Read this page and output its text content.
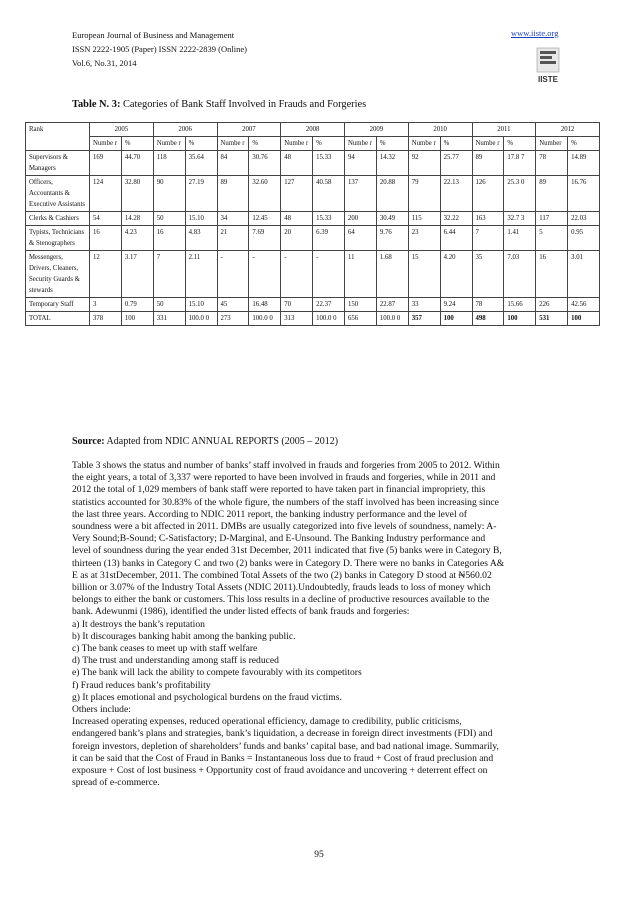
European Journal of Business and Management
ISSN 2222-1905 (Paper) ISSN 2222-2839 (Online)
Vol.6, No.31, 2014
www.iiste.org
IISTE
Table N. 3: Categories of Bank Staff Involved in Frauds and Forgeries
Rank	2005		2006		2007		2008		2009		2010		2011		2012	
	Numbe r	%	Numbe r	%	Numbe r	%	Numbe r	%	Numbe r	%	Numbe r	%	Numbe r	%	Number	%
Supervisors & Managers	169	44.70	118	35.64	84	30.76	48	15.33	94	14.32	92	25.77	89	17.8 7	78	14.89
Officers, Accountants & Executive Assistants	124	32.80	90	27.19	89	32.60	127	40.58	137	20.88	79	22.13	126	25.3 0	89	16.76
Clerks & Cashiers	54	14.28	50	15.10	34	12.45	48	15.33	200	30.49	115	32.22	163	32.7 3	117	22.03
Typists, Technicians & Stenographers	16	4.23	16	4.83	21	7.69	20	6.39	64	9.76	23	6.44	7	1.41	5	0.95
Messengers, Drivers, Cleaners, Security Guards & stewards	12	3.17	7	2.11	-	-	-	-	11	1.68	15	4.20	35	7.03	16	3.01
Temporary Staff	3	0.79	50	15.10	45	16.48	70	22.37	150	22.87	33	9.24	78	15.66	226	42.56
TOTAL	378	100	331	100.0 0	273	100.0 0	313	100.0 0	656	100.0 0	357	100	498	100	531	100
Source: Adapted from NDIC ANNUAL REPORTS (2005 – 2012)

Table 3 shows the status and number of banks’ staff involved in frauds and forgeries from 2005 to 2012. Within

the eight years, a total of 3,337 were reported to have been involved in frauds and forgeries, while in 2011 and

2012 the total of 1,029 members of bank staff were reported to have taken part in financial impropriety, this

statistics accounted for 30.83% of the whole figure, the numbers of the staff involved has been increasing since

the last three years. According to NDIC 2011 report, the banking industry performance and the level of

soundness were a bit affected in 2011. DMBs are usually categorized into five levels of soundness, namely: A-

Very Sound;B-Sound; C-Satisfactory; D-Marginal, and E-Unsound. The Banking Industry performance and

level of soundness during the year ended 31st December, 2011 indicated that five (5) banks were in Category B,

thirteen (13) banks in Category C and two (2) banks were in Category D. There were no banks in Categories A&

E as at 31stDecember, 2011. The combined Total Assets of the two (2) banks in Category D stood at ₦560.02

billion or 3.07% of the Industry Total Assets (NDIC 2011).Undoubtedly, frauds leads to loss of money which

belongs to either the bank or customers. This loss results in a decline of productive resources available to the

bank. Adewunmi (1986), identified the under listed effects of bank frauds and forgeries:

a) It destroys the bank’s reputation

b) It discourages banking habit among the banking public.

c) The bank ceases to meet up with staff welfare

d) The trust and understanding among staff is reduced

e) The bank will lack the ability to compete favourably with its competitors

f) Fraud reduces bank’s profitability

g) It places emotional and psychological burdens on the fraud victims.

Others include:

Increased operating expenses, reduced operational efficiency, damage to credibility, public criticisms,

endangered bank’s plans and strategies, bank’s liquidation, a decrease in foreign direct investments (FDI) and

foreign investors, depletion of shareholders’ funds and banks’ capital base, and bad national image. Summarily,

it can be said that the Cost of Fraud in Banks = Instantaneous loss due to fraud + Cost of fraud preclusion and

exposure + Cost of lost business + Opportunity cost of fraud avoidance and uncovering + deterrent effect on

spread of e-commerce.

95
